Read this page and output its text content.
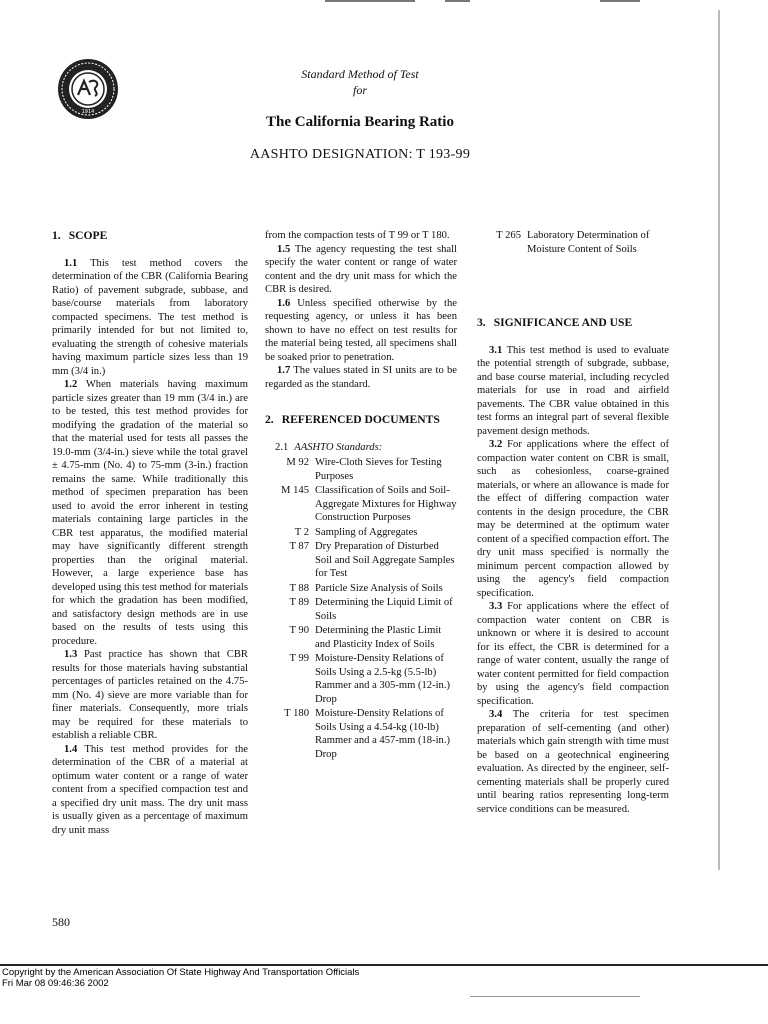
1914
Standard Method of Test
for
The California Bearing Ratio
AASHTO DESIGNATION: T 193-99
1. SCOPE

1.1 This test method covers the determination of the CBR (California Bearing Ratio) of pavement subgrade, subbase, and base/course materials from laboratory compacted specimens. The test method is primarily intended for but not limited to, evaluating the strength of cohesive materials having maximum particle sizes less than 19 mm (3/4 in.)

1.2 When materials having maximum particle sizes greater than 19 mm (3/4 in.) are to be tested, this test method provides for modifying the gradation of the material so that the material used for tests all passes the 19.0-mm (3/4-in.) sieve while the total gravel ± 4.75-mm (No. 4) to 75-mm (3-in.) fraction remains the same. While traditionally this method of specimen preparation has been used to avoid the error inherent in testing materials containing large particles in the CBR test apparatus, the modified material may have significantly different strength properties than the original material. However, a large experience base has developed using this test method for materials for which the gradation has been modified, and satisfactory design methods are in use based on the results of tests using this procedure.

1.3 Past practice has shown that CBR results for those materials having substantial percentages of particles retained on the 4.75-mm (No. 4) sieve are more variable than for finer materials. Consequently, more trials may be required for these materials to establish a reliable CBR.

1.4 This test method provides for the determination of the CBR of a material at optimum water content or a range of water content from a specified compaction test and a specified dry unit mass. The dry unit mass is usually given as a percentage of maximum dry unit mass

from the compaction tests of T 99 or T 180.

1.5 The agency requesting the test shall specify the water content or range of water content and the dry unit mass for which the CBR is desired.

1.6 Unless specified otherwise by the requesting agency, or unless it has been shown to have no effect on test results for the material being tested, all specimens shall be soaked prior to penetration.

1.7 The values stated in SI units are to be regarded as the standard.

2. REFERENCED DOCUMENTS
2.1 AASHTO Standards:
M 92 Wire-Cloth Sieves for Testing Purposes
M 145 Classification of Soils and Soil-Aggregate Mixtures for Highway Construction Purposes
T 2 Sampling of Aggregates
T 87 Dry Preparation of Disturbed Soil and Soil Aggregate Samples for Test
T 88 Particle Size Analysis of Soils
T 89 Determining the Liquid Limit of Soils
T 90 Determining the Plastic Limit and Plasticity Index of Soils
T 99 Moisture-Density Relations of Soils Using a 2.5-kg (5.5-lb) Rammer and a 305-mm (12-in.) Drop
T 180 Moisture-Density Relations of Soils Using a 4.54-kg (10-lb) Rammer and a 457-mm (18-in.) Drop
T 265 Laboratory Determination of Moisture Content of Soils
3. SIGNIFICANCE AND USE

3.1 This test method is used to evaluate the potential strength of subgrade, subbase, and base course material, including recycled materials for use in road and airfield pavements. The CBR value obtained in this test forms an integral part of several flexible pavement design methods.

3.2 For applications where the effect of compaction water content on CBR is small, such as cohesionless, coarse-grained materials, or where an allowance is made for the effect of differing compaction water contents in the design procedure, the CBR may be determined at the optimum water content of a specified compaction effort. The dry unit mass specified is normally the minimum percent compaction allowed by using the agency's field compaction specification.

3.3 For applications where the effect of compaction water content on CBR is unknown or where it is desired to account for its effect, the CBR is determined for a range of water content, usually the range of water content permitted for field compaction by using the agency's field compaction specification.

3.4 The criteria for test specimen preparation of self-cementing (and other) materials which gain strength with time must be based on a geotechnical engineering evaluation. As directed by the engineer, self-cementing materials shall be properly cured until bearing ratios representing long-term service conditions can be measured.

580
Copyright by the American Association Of State Highway And Transportation Officials
Fri Mar 08 09:46:36 2002
